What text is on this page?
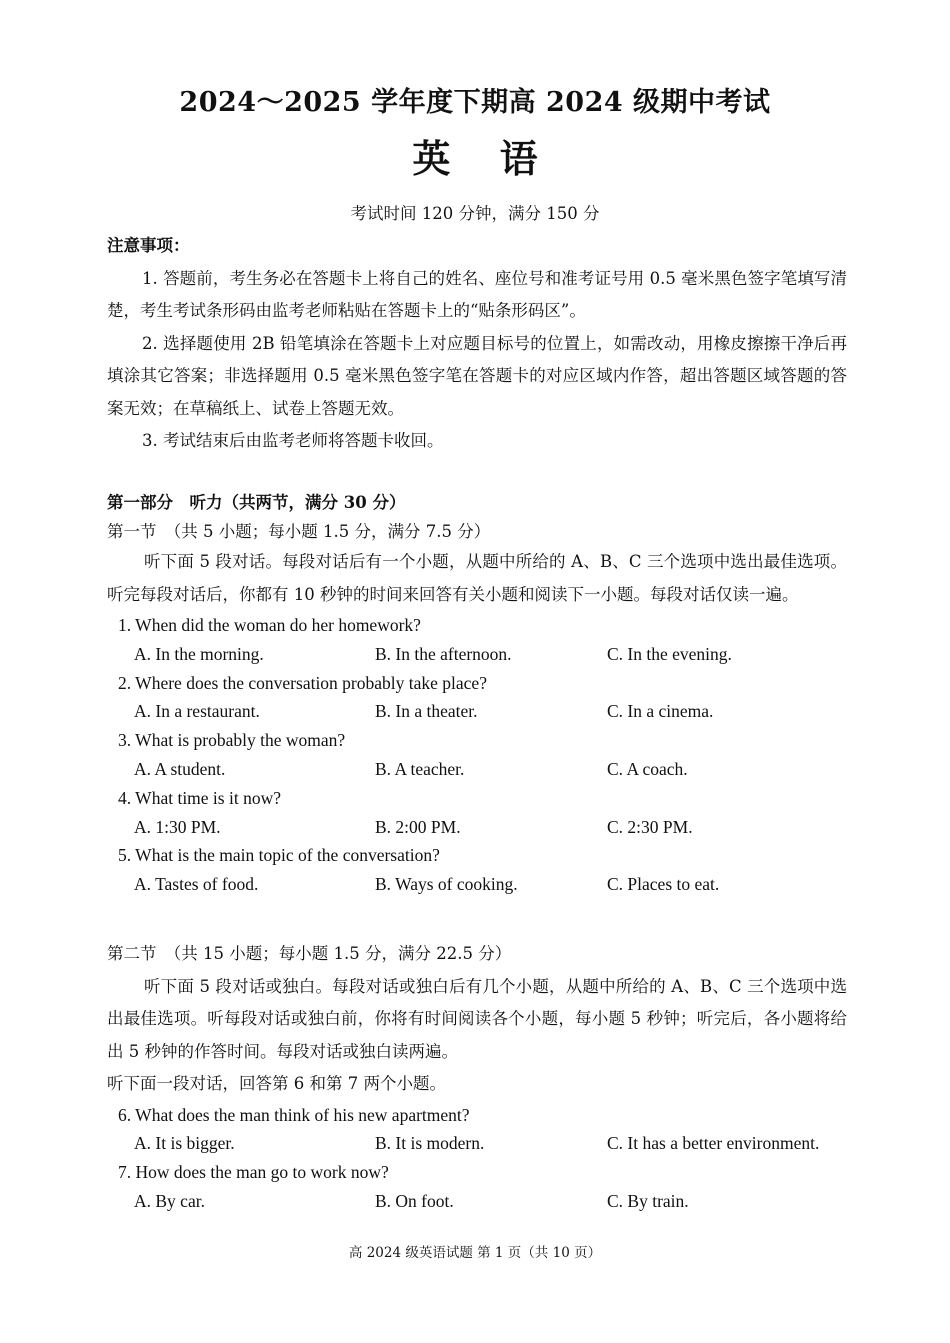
2024～2025 学年度下期高 2024 级期中考试
英 语
考试时间 120 分钟，满分 150 分
注意事项：

1. 答题前，考生务必在答题卡上将自己的姓名、座位号和准考证号用 0.5 毫米黑色签字笔填写清楚，考生考试条形码由监考老师粘贴在答题卡上的“贴条形码区”。

2. 选择题使用 2B 铅笔填涂在答题卡上对应题目标号的位置上，如需改动，用橡皮擦擦干净后再填涂其它答案；非选择题用 0.5 毫米黑色签字笔在答题卡的对应区域内作答，超出答题区域答题的答案无效；在草稿纸上、试卷上答题无效。

3. 考试结束后由监考老师将答题卡收回。

第一部分　听力（共两节，满分 30 分）

第一节　（共 5 小题；每小题 1.5 分，满分 7.5 分）

听下面 5 段对话。每段对话后有一个小题，从题中所给的 A、B、C 三个选项中选出最佳选项。听完每段对话后，你都有 10 秒钟的时间来回答有关小题和阅读下一小题。每段对话仅读一遍。

1. When did the woman do her homework?

A. In the morning.	B. In the afternoon.	C. In the evening.

2. Where does the conversation probably take place?

A. In a restaurant.	B. In a theater.	C. In a cinema.

3. What is probably the woman?

A. A student.	B. A teacher.	C. A coach.

4. What time is it now?

A. 1:30 PM.	B. 2:00 PM.	C. 2:30 PM.

5. What is the main topic of the conversation?

A. Tastes of food.	B. Ways of cooking.	C. Places to eat.

第二节　（共 15 小题；每小题 1.5 分，满分 22.5 分）

听下面 5 段对话或独白。每段对话或独白后有几个小题，从题中所给的 A、B、C 三个选项中选出最佳选项。听每段对话或独白前，你将有时间阅读各个小题，每小题 5 秒钟；听完后，各小题将给出 5 秒钟的作答时间。每段对话或独白读两遍。

听下面一段对话，回答第 6 和第 7 两个小题。

6. What does the man think of his new apartment?

A. It is bigger.	B. It is modern.	C. It has a better environment.

7. How does the man go to work now?

A. By car.	B. On foot.	C. By train.
高 2024 级英语试题 第 1 页（共 10 页）
